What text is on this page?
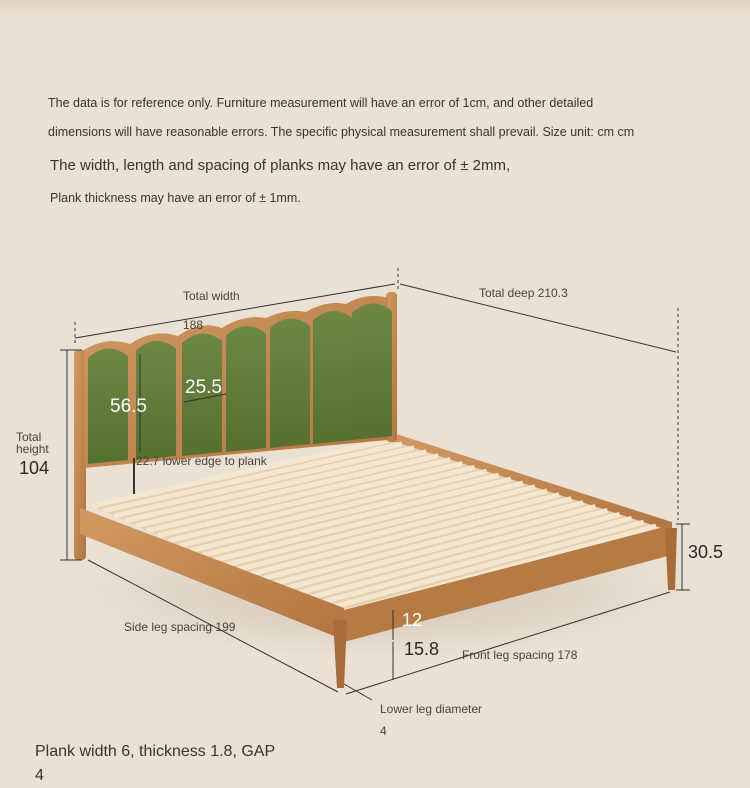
The data is for reference only. Furniture measurement will have an error of 1cm, and other detailed
dimensions will have reasonable errors. The specific physical measurement shall prevail. Size unit: cm cm
The width, length and spacing of planks may have an error of ± 2mm,
Plank thickness may have an error of ± 1mm.
Total width
188
Total deep 210.3
Total
height
104
56.5
25.5
22.7 lower edge to plank
30.5
12
15.8
Side leg spacing 199
Front leg spacing 178
Lower leg diameter
4
Plank width 6, thickness 1.8, GAP
4
